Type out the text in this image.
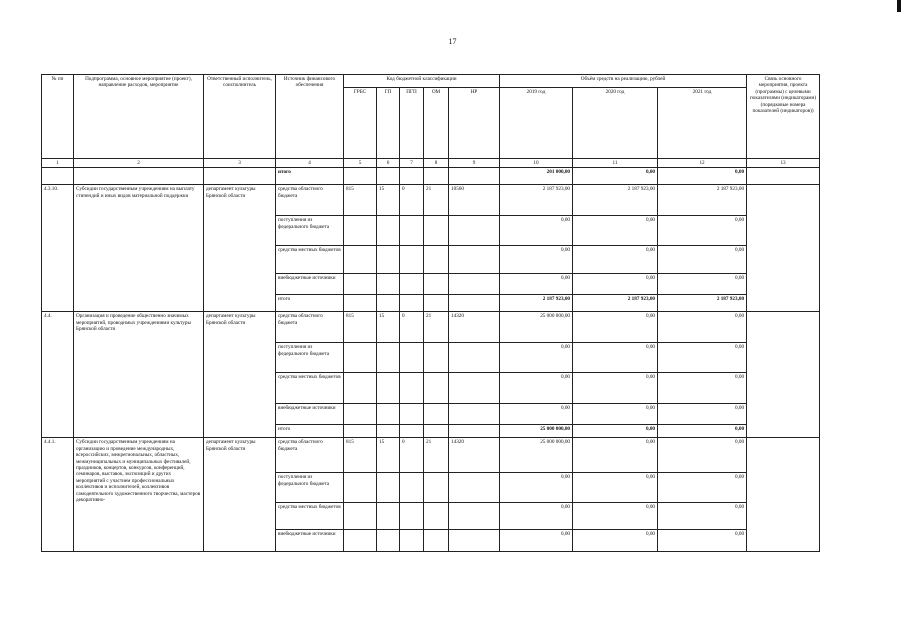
17
№ пп	Подпрограмма, основное мероприятие (проект), направление расходов, мероприятие	Ответственный исполнитель, соисполнитель	Источник финансового обеспечения	Код бюджетной классификации					Объём средств на реализацию, рублей			Связь основного мероприятия, проекта (программы) с целевыми показателями (индикаторами) (порядковые номера показателей (индикаторов))
				ГРБС	ГП	ПГП	ОМ	НР	2019 год	2020 год	2021 год	
1	2	3	4	5	6	7	8	9	10	11	12	13
			итого						201 000,00	0,00	0,00	
4.3.10.	Субсидии государственным учреждениям на выплату стипендий и иных видов материальной поддержки	департамент культуры Брянской области	средства областного бюджета	815	15	0	21	10560	2 187 923,00	2 187 923,00	2 187 923,00	
			поступления из федерального бюджета						0,00	0,00	0,00	
			средства местных бюджетов						0,00	0,00	0,00	
			внебюджетные источники						0,00	0,00	0,00	
			итого						2 187 923,00	2 187 923,00	2 187 923,00	
4.4.	Организация и проведение общественно значимых мероприятий, проводимых учреждениями культуры Брянской области	департамент культуры Брянской области	средства областного бюджета	815	15	0	21	14320	25 000 000,00	0,00	0,00	
			поступления из федерального бюджета						0,00	0,00	0,00	
			средства местных бюджетов						0,00	0,00	0,00	
			внебюджетные источники						0,00	0,00	0,00	
			итого						25 000 000,00	0,00	0,00	
4.4.1.	Субсидии государственным учреждениям на организацию и проведение международных, всероссийских, межрегиональных, областных, межмуниципальных и муниципальных фестивалей, праздников, концертов, конкурсов, конференций, семинаров, выставок, экспозиций и других мероприятий с участием профессиональных коллективов и исполнителей, коллективов самодеятельного художественного творчества, мастеров декоративно-	департамент культуры Брянской области	средства областного бюджета	815	15	0	21	14320	25 000 000,00	0,00	0,00	
			поступления из федерального бюджета						0,00	0,00	0,00	
			средства местных бюджетов						0,00	0,00	0,00	
			внебюджетные источники						0,00	0,00	0,00	
